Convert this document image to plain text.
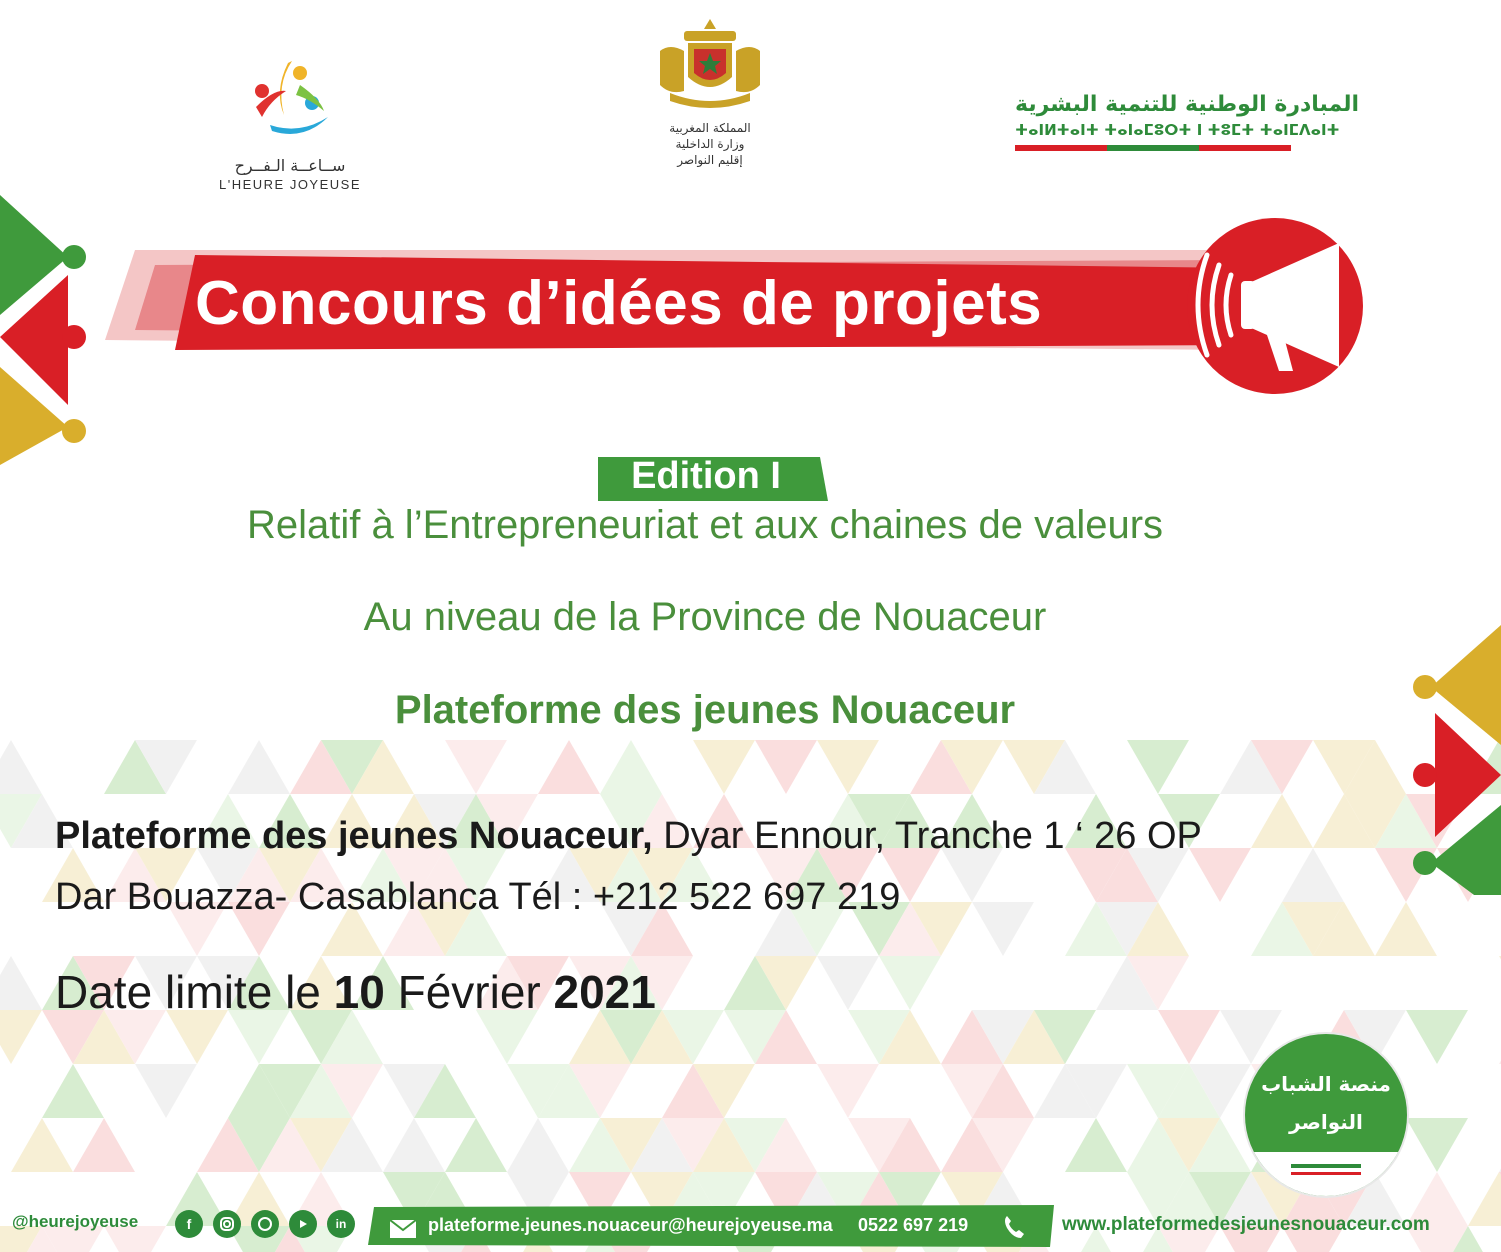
ســاعــة الـفــرح
L'HEURE JOYEUSE
المملكة المغربية
وزارة الداخلية
إقليم النواصر
المبادرة الوطنية للتنمية البشرية
ⵜⴰⵏⵍⵜⴰⵏⵜ ⵜⴰⵏⴰⵎⵓⵔⵜ ⵏ ⵜⵓⵎⵜ ⵜⴰⵏⵎⴷⴰⵏⵜ
Concours d’idées de projets
Edition I
Relatif à l’Entrepreneuriat et aux chaines de valeurs
Au niveau de la Province de Nouaceur
Plateforme des jeunes Nouaceur
Plateforme des jeunes Nouaceur, Dyar Ennour, Tranche 1 ‘ 26 OP
Dar Bouazza- Casablanca Tél : +212 522 697 219
Date limite le 10 Février 2021
منصة الشباب
النواصر
@heurejoyeuse	f	in	plateforme.jeunes.nouaceur@heurejoyeuse.ma 0522 697 219	www.plateformedesjeunesnouaceur.com
